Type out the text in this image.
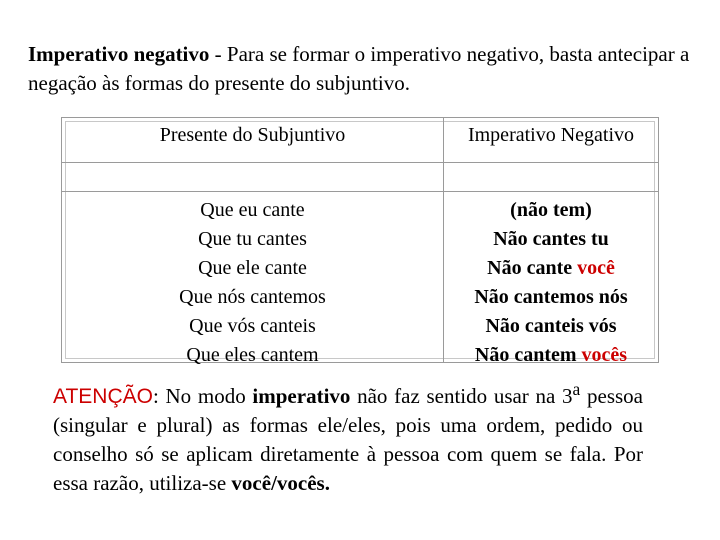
Imperativo negativo - Para se formar o imperativo negativo, basta antecipar a negação às formas do presente do subjuntivo.
Presente do Subjuntivo	Imperativo Negativo
Que eu cante
Que tu cantes
Que ele cante
Que nós cantemos
Que vós canteis
Que eles cantem
(não tem)
Não cantes tu
Não cante você
Não cantemos nós
Não canteis vós
Não cantem vocês
ATENÇÃO: No modo imperativo não faz sentido usar na 3$^a$ pessoa (singular e plural) as formas ele/eles, pois uma ordem, pedido ou conselho só se aplicam diretamente à pessoa com quem se fala. Por essa razão, utiliza-se você/vocês.
